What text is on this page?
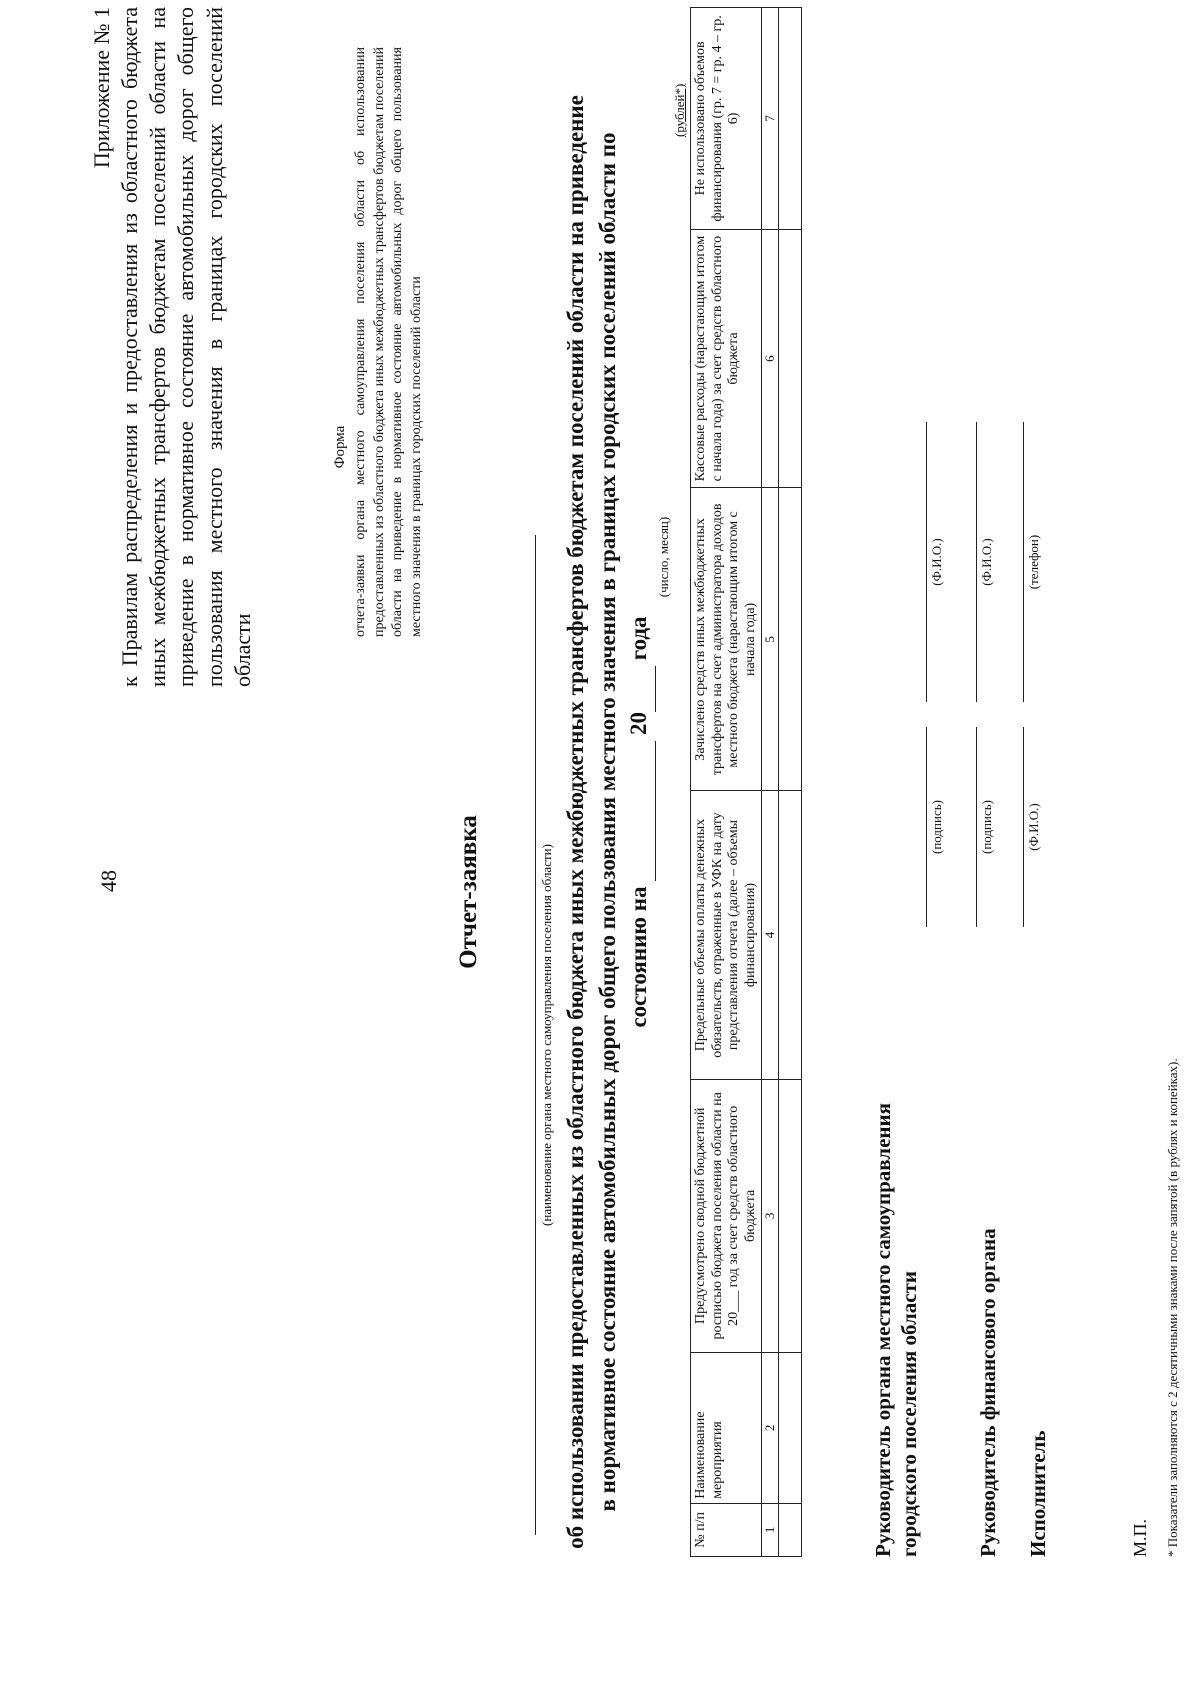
48
Приложение № 1 к Правилам распределения и предоставления из областного бюджета иных межбюджетных трансфертов бюджетам поселений области на приведение в нормативное состояние автомобильных дорог общего пользования местного значения в границах городских поселений области
Форма отчета-заявки органа местного самоуправления поселения области об использовании предоставленных из областного бюджета иных межбюджетных трансфертов бюджетам поселений области на приведение в нормативное состояние автомобильных дорог общего пользования местного значения в границах городских поселений области
Отчет-заявка	(наименование органа местного самоуправления поселения области) об использовании предоставленных из областного бюджета иных межбюджетных трансфертов бюджетам поселений области на приведение в нормативное состояние автомобильных дорог общего пользования местного значения в границах городских поселений области по состоянию на   20  года
(число, месяц)
(рублей*)
№ п/п	Наименование мероприятия	Предусмотрено сводной бюджетной росписью бюджета поселения области на 20___ год за счет средств областного бюджета	Предельные объемы оплаты денежных обязательств, отраженные в УФК на дату представления отчета (далее – объемы финансирования)	Зачислено средств иных межбюджетных трансфертов на счет администратора доходов местного бюджета (нарастающим итогом с начала года)	Кассовые расходы (нарастающим итогом с начала года) за счет средств областного бюджета	Не использовано объемов финансирования (гр. 7 = гр. 4 – гр. 6)
1	2	3	4	5	6	7

Руководитель органа местного самоуправления городского поселения области
(подпись)
(Ф.И.О.)
Руководитель финансового органа
(подпись)
(Ф.И.О.)
Исполнитель
(Ф.И.О.)
(телефон)
М.П. * Показатели заполняются с 2 десятичными знаками после запятой (в рублях и копейках).
